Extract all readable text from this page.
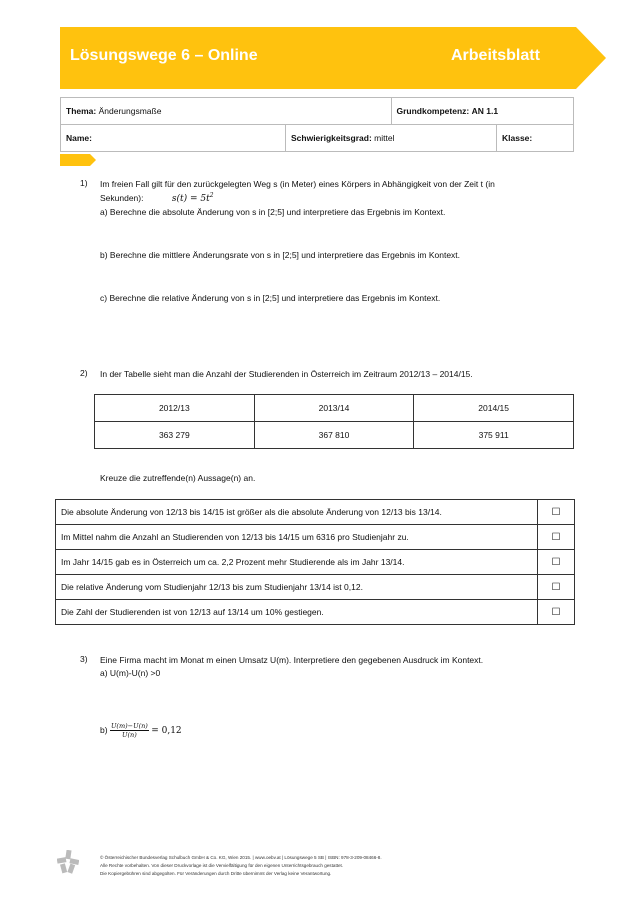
Lösungswege 6 – Online	Arbeitsblatt
Thema: Änderungsmaße		Grundkompetenz: AN 1.1	
Name:	Schwierigkeitsgrad: mittel		Klasse:
1) Im freien Fall gilt für den zurückgelegten Weg s (in Meter) eines Körpers in Abhängigkeit von der Zeit t (in
Sekunden):	$s(t) = 5t^2$
a) Berechne die absolute Änderung von s in [2;5] und interpretiere das Ergebnis im Kontext.
b) Berechne die mittlere Änderungsrate von s in [2;5] und interpretiere das Ergebnis im Kontext.
c) Berechne die relative Änderung von s in [2;5] und interpretiere das Ergebnis im Kontext.
2) In der Tabelle sieht man die Anzahl der Studierenden in Österreich im Zeitraum 2012/13 – 2014/15.
2012/13	2013/14	2014/15
363 279	367 810	375 911
Kreuze die zutreffende(n) Aussage(n) an.
Die absolute Änderung von 12/13 bis 14/15 ist größer als die absolute Änderung von 12/13 bis 13/14.	☐
Im Mittel nahm die Anzahl an Studierenden von 12/13 bis 14/15 um 6316 pro Studienjahr zu.	☐
Im Jahr 14/15 gab es in Österreich um ca. 2,2 Prozent mehr Studierende als im Jahr 13/14.	☐
Die relative Änderung vom Studienjahr 12/13 bis zum Studienjahr 13/14 ist 0,12.	☐
Die Zahl der Studierenden ist von 12/13 auf 13/14 um 10% gestiegen.	☐
3) Eine Firma macht im Monat m einen Umsatz U(m). Interpretiere den gegebenen Ausdruck im Kontext.
a) U(m)-U(n) >0
$b) \frac{U(m)-U(n)}{U(n)} = 0,12$
© Österreichischer Bundesverlag Schulbuch GmbH & Co. KG, Wien 2015. | www.oebv.at | Lösungswege 5 SB | ISBN: 978-3-209-08466-8.
Alle Rechte vorbehalten. Von dieser Druckvorlage ist die Vervielfältigung für den eigenen Unterrichtsgebrauch gestattet.
Die Kopiergebühren sind abgegolten. Für Veränderungen durch Dritte übernimmt der Verlag keine Verantwortung.
